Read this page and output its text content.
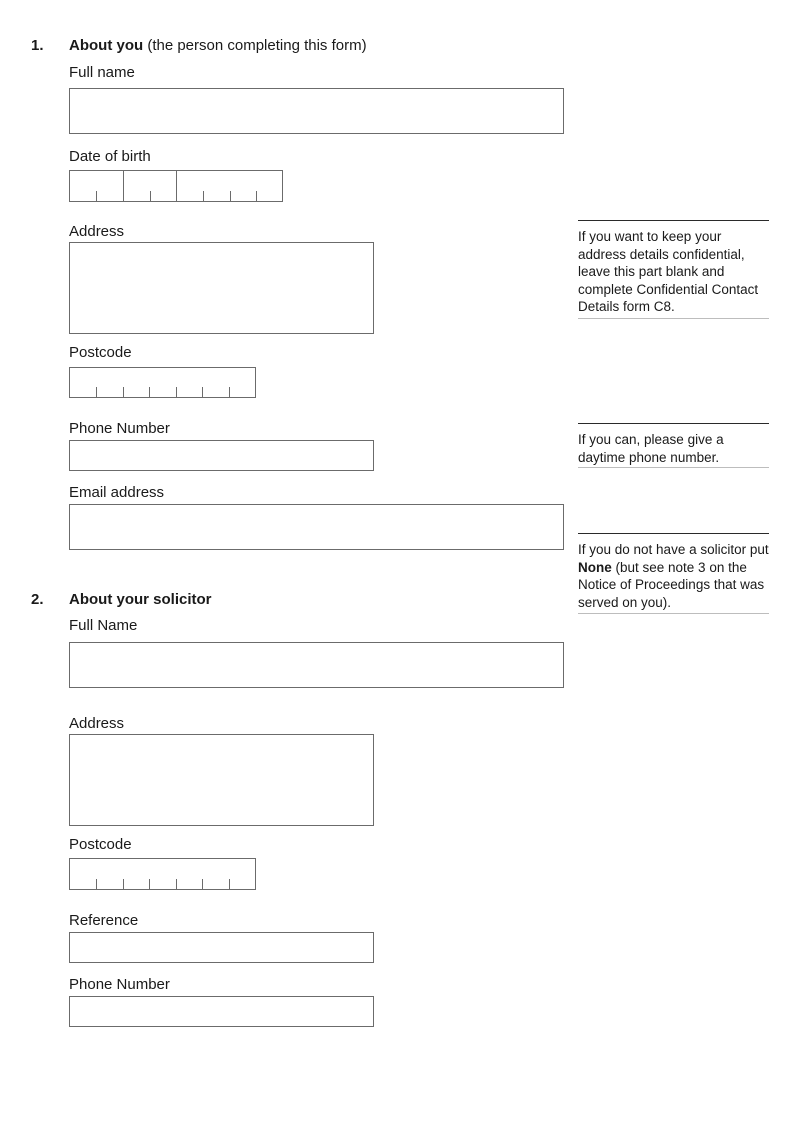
1. About you (the person completing this form)
Full name
Date of birth
Address
Postcode
Phone Number
Email address
If you want to keep your address details confidential, leave this part blank and complete Confidential Contact Details form C8.
If you can, please give a daytime phone number.
If you do not have a solicitor put None (but see note 3 on the Notice of Proceedings that was served on you).
2. About your solicitor
Full Name
Address
Postcode
Reference
Phone Number
